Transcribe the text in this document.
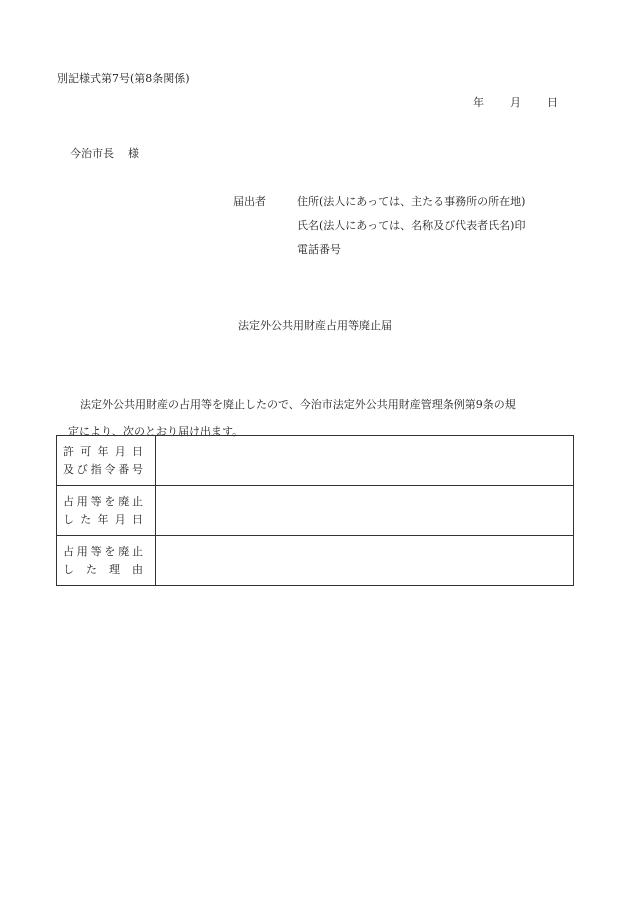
別記様式第7号(第8条関係)
年 月 日
今治市長 様
届出者	住所(法人にあっては、主たる事務所の所在地)
氏名(法人にあっては、名称及び代表者氏名)印
電話番号
法定外公共用財産占用等廃止届
法定外公共用財産の占用等を廃止したので、今治市法定外公共用財産管理条例第9条の規
定により、次のとおり届け出ます。
許可年月日
及び指令番号	

占用等を廃止
した年月日	

占用等を廃止
した理由	
